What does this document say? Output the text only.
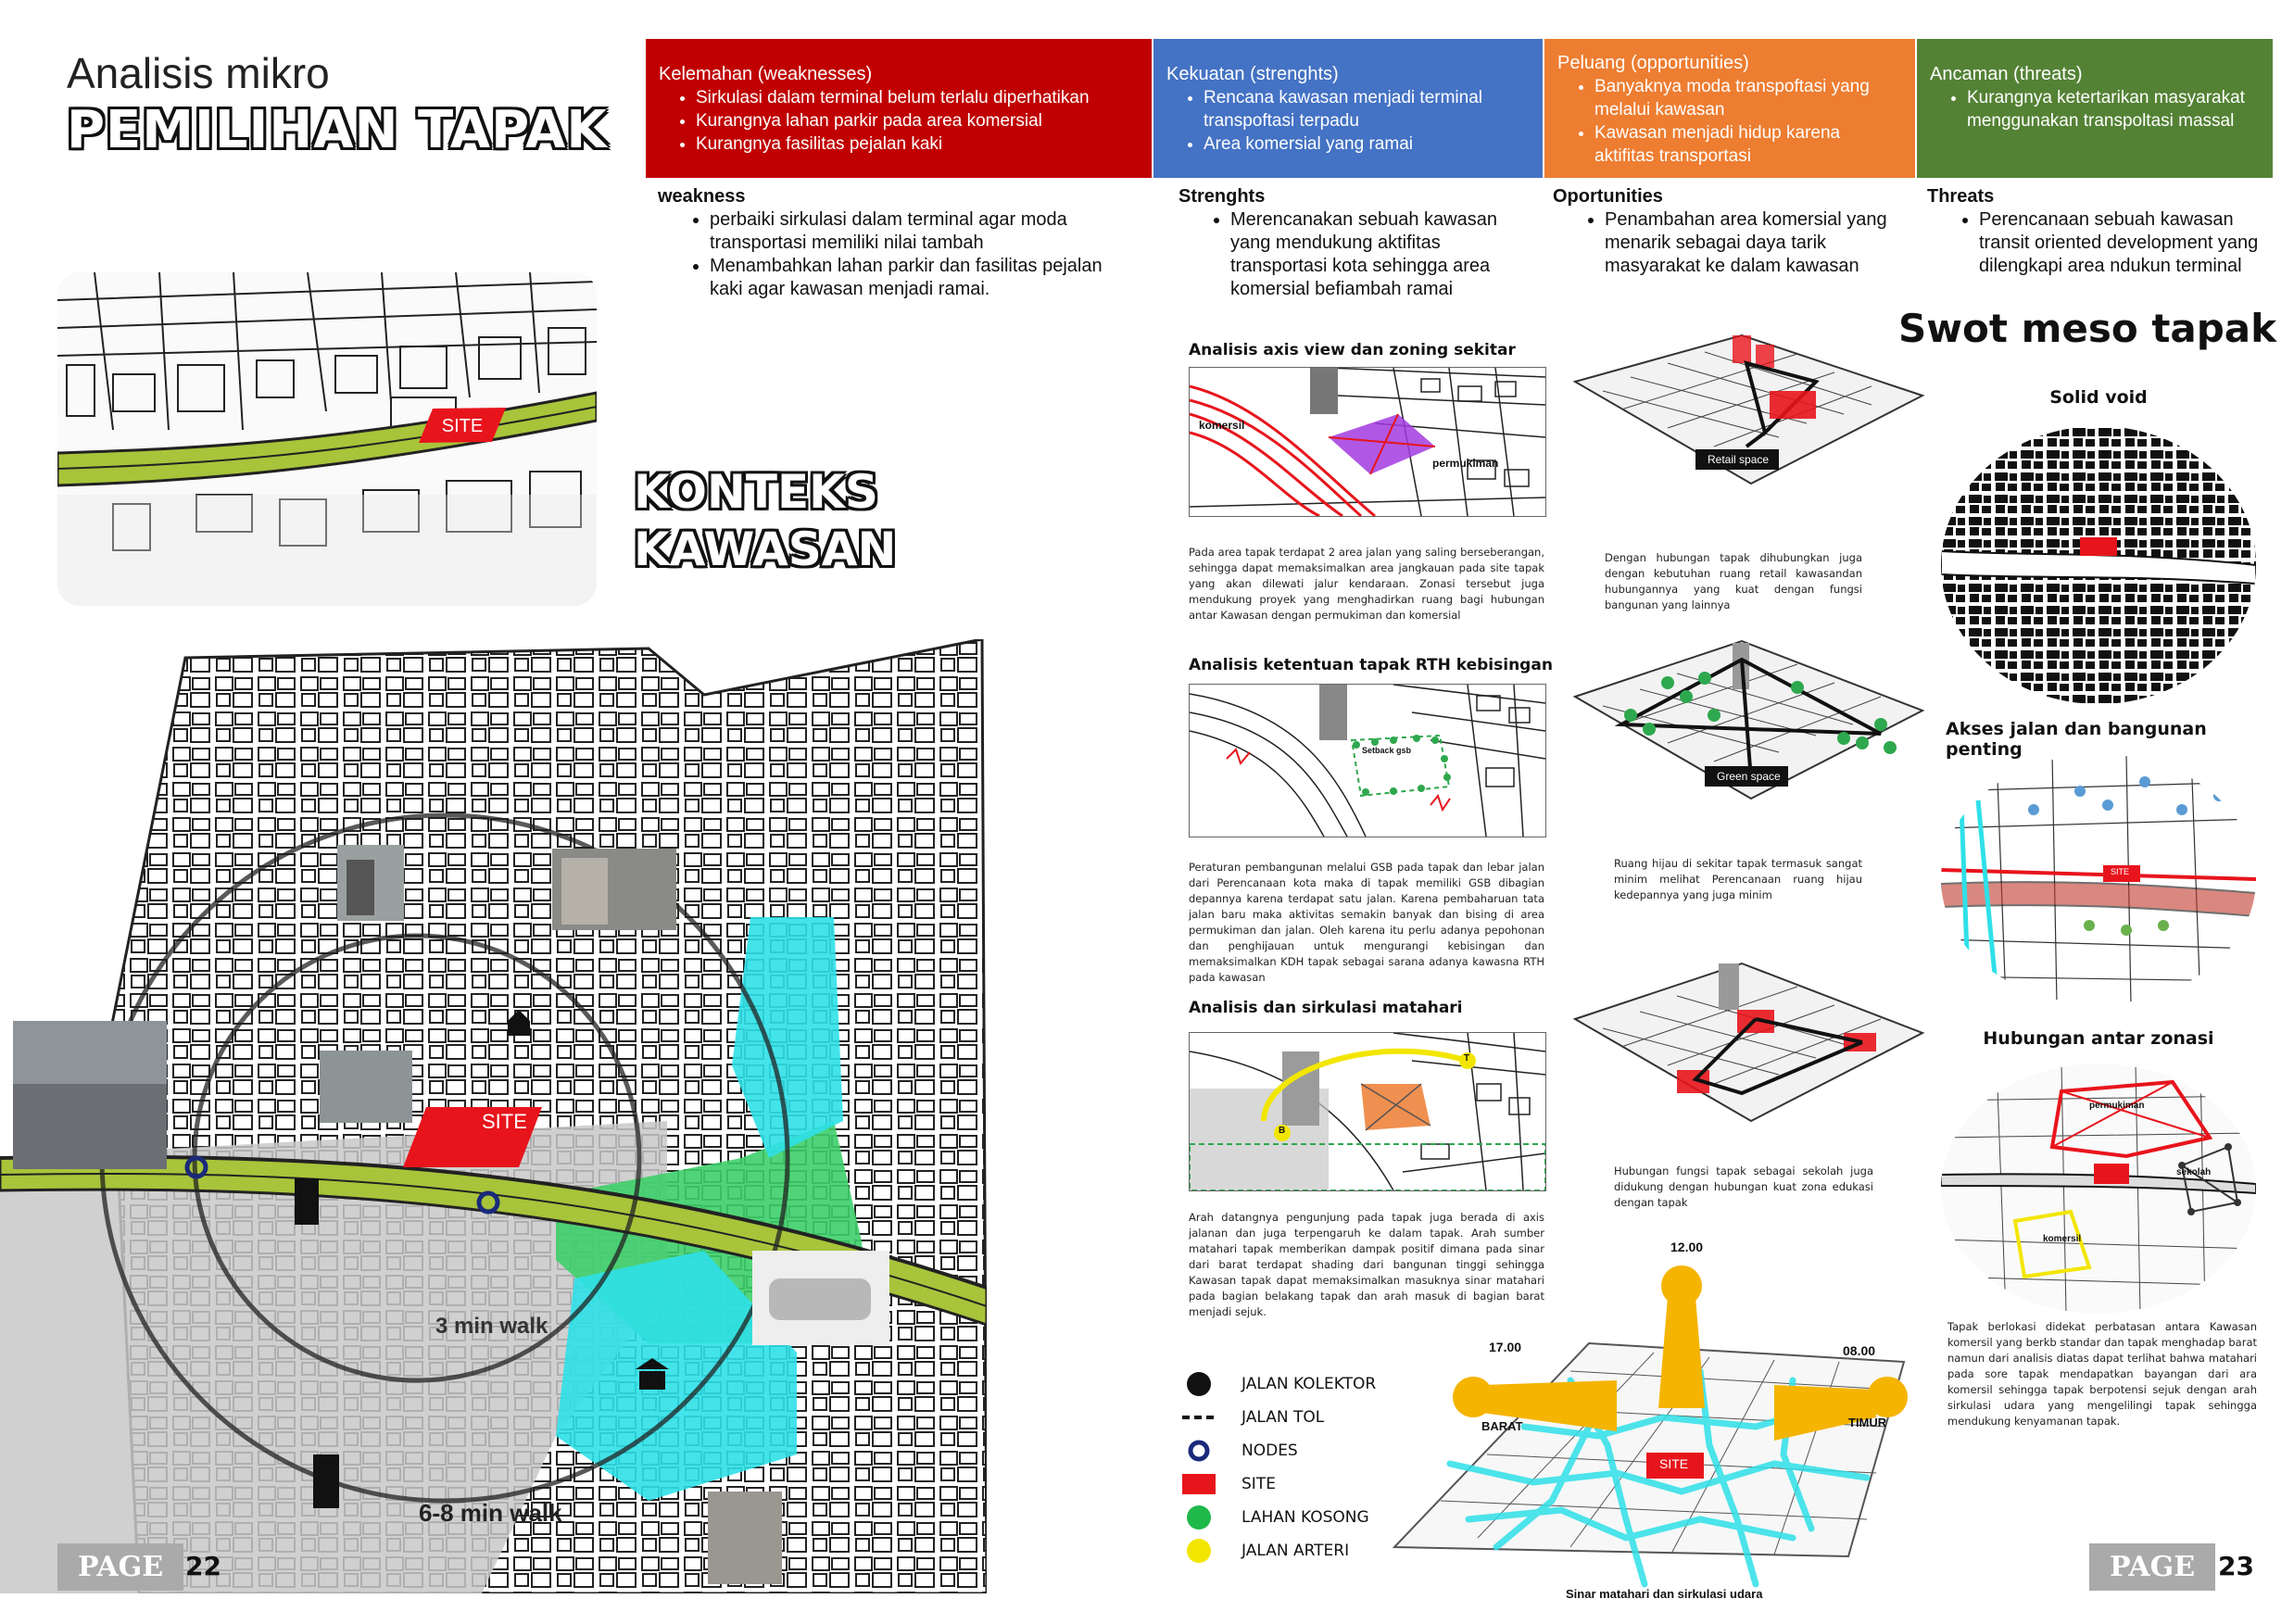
Analisis mikro
PEMILIHAN TAPAK
SITE
KONTEKS
KAWASAN
SITE
3 min walk
6-8 min walk
PAGE 22
Kelemahan (weaknesses)
• Sirkulasi dalam terminal belum terlalu diperhatikan
• Kurangnya lahan parkir pada area komersial
• Kurangnya fasilitas pejalan kaki
Kekuatan (strenghts)
• Rencana kawasan menjadi terminal transpoftasi terpadu
• Area komersial yang ramai
Peluang (opportunities)
• Banyaknya moda transpoftasi yang melalui kawasan
• Kawasan menjadi hidup karena aktifitas transportasi
Ancaman (threats)
• Kurangnya ketertarikan masyarakat menggunakan transpoltasi massal
weakness
• perbaiki sirkulasi dalam terminal agar moda transportasi memiliki nilai tambah
• Menambahkan lahan parkir dan fasilitas pejalan kaki agar kawasan menjadi ramai.
Strenghts
• Merencanakan sebuah kawasan yang mendukung aktifitas transportasi kota sehingga area komersial befiambah ramai
Oportunities
• Penambahan area komersial yang menarik sebagai daya tarik masyarakat ke dalam kawasan
Threats
• Perencanaan sebuah kawasan transit oriented development yang dilengkapi area ndukun terminal
Analisis axis view dan zoning sekitar
komersil
permukiman
Pada area tapak terdapat 2 area jalan yang saling berseberangan, sehingga dapat memaksimalkan area jangkauan pada site tapak yang akan dilewati jalur kendaraan. Zonasi tersebut juga mendukung proyek yang menghadirkan ruang bagi hubungan antar Kawasan dengan permukiman dan komersial
Analisis ketentuan tapak RTH kebisingan
Setback gsb
Peraturan pembangunan melalui GSB pada tapak dan lebar jalan dari Perencanaan kota maka di tapak memiliki GSB dibagian depannya karena terdapat satu jalan. Karena pembaharuan tata jalan baru maka aktivitas semakin banyak dan bising di area permukiman dan jalan. Oleh karena itu perlu adanya pepohonan dan penghijauan untuk mengurangi kebisingan dan memaksimalkan KDH tapak sebagai sarana adanya kawasna RTH pada kawasan
Analisis dan sirkulasi matahari
T
B
Arah datangnya pengunjung pada tapak juga berada di axis jalanan dan juga terpengaruh ke dalam tapak. Arah sumber matahari tapak memberikan dampak positif dimana pada sinar dari barat terdapat shading dari bangunan tinggi sehingga Kawasan tapak dapat memaksimalkan masuknya sinar matahari pada bagian belakang tapak dan arah masuk di bagian barat menjadi sejuk.
Retail space
Dengan hubungan tapak dihubungkan juga dengan kebutuhan ruang retail kawasandan hubungannya yang kuat dengan fungsi bangunan yang lainnya
Green space
Ruang hijau di sekitar tapak termasuk sangat minim melihat Perencanaan ruang hijau kedepannya yang juga minim
Hubungan fungsi tapak sebagai sekolah juga didukung dengan hubungan kuat zona edukasi dengan tapak
JALAN KOLEKTOR
JALAN TOL
NODES
SITE
LAHAN KOSONG
JALAN ARTERI
12.00
17.00	08.00
BARAT	TIMUR
SITE
Sinar matahari dan sirkulasi udara
Swot meso tapak
Solid void
Akses jalan dan bangunan penting
SITE
Hubungan antar zonasi
permukiman
sekolah
komersil
Tapak berlokasi didekat perbatasan antara Kawasan komersil yang berkb standar dan tapak menghadap barat namun dari analisis diatas dapat terlihat bahwa matahari pada sore tapak mendapatkan bayangan dari ara komersil sehingga tapak berpotensi sejuk dengan arah sirkulasi udara yang mengelilingi tapak sehingga mendukung kenyamanan tapak.
PAGE 23
